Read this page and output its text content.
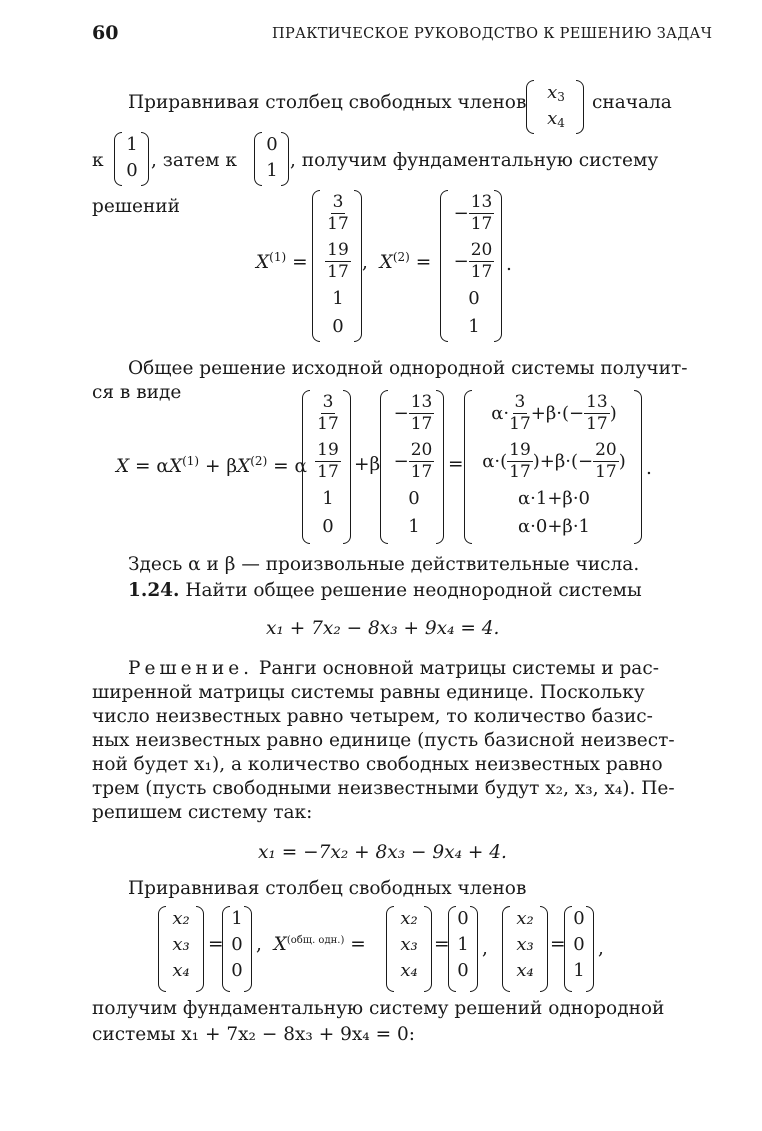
60	ПРАКТИЧЕСКОЕ РУКОВОДСТВО К РЕШЕНИЮ ЗАДАЧ
Приравнивая столбец свободных членов $x_3$
$x_4$
сначала
к
1
0 , затем к
0
1 , получим фундаментальную систему
решений
$X^{(1)}$ =
$\frac{3}{17}$
$\frac{19}{17}$
1
0
, $X^{(2)}$ =
− $\frac{13}{17}$
− $\frac{20}{17}$
0
1
.
Общее решение исходной однородной системы получит-
ся в виде
$X = \alpha X^{(1)} + \beta X^{(2)} = \alpha$
$\frac{3}{17}$
$\frac{19}{17}$
1
0
+β
− $\frac{13}{17}$
− $\frac{20}{17}$
0
1
=
$\alpha\cdot \frac{3}{17} +\beta\cdot(- \frac{13}{17}$ )
$\alpha\cdot( \frac{19}{17} )+\beta\cdot(- \frac{20}{17}$ )
α·1+β·0
α·0+β·1
.
Здесь α и β — произвольные действительные числа.
1.24. Найти общее решение неоднородной системы
x₁ + 7x₂ − 8x₃ + 9x₄ = 4.
Решение. Ранги основной матрицы системы и рас-
ширенной матрицы системы равны единице. Поскольку
число неизвестных равно четырем, то количество базис-
ных неизвестных равно единице (пусть базисной неизвест-
ной будет x₁), а количество свободных неизвестных равно
трем (пусть свободными неизвестными будут x₂, x₃, x₄). Пе-
репишем систему так:
x₁ = −7x₂ + 8x₃ − 9x₄ + 4.
Приравнивая столбец свободных членов
x₂
x₃
x₄
=
1
0
0
, $X^{(общ. одн.)}$ =
x₂
x₃
x₄
=
0
1
0
,
x₂
x₃
x₄
=
0
0
1
,
получим фундаментальную систему решений однородной
системы x₁ + 7x₂ − 8x₃ + 9x₄ = 0:
